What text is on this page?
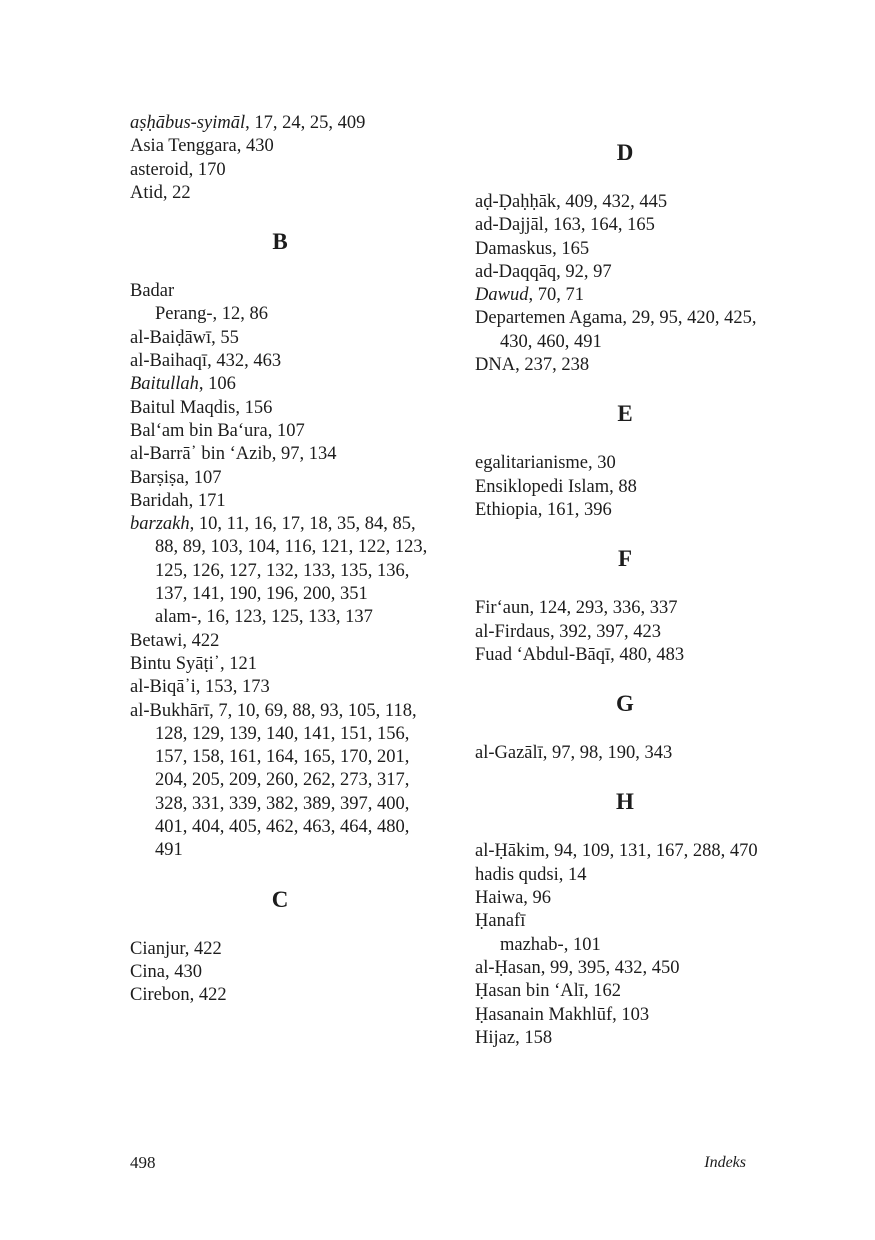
aṣḥābus-syimāl, 17, 24, 25, 409
Asia Tenggara, 430
asteroid, 170
Atid, 22
B
Badar
Perang-, 12, 86
al-Baiḍāwī, 55
al-Baihaqī, 432, 463
Baitullah, 106
Baitul Maqdis, 156
Bal‘am bin Ba‘ura, 107
al-Barrā᾽ bin ‘Azib, 97, 134
Barṣiṣa, 107
Baridah, 171
barzakh, 10, 11, 16, 17, 18, 35, 84, 85, 88, 89, 103, 104, 116, 121, 122, 123, 125, 126, 127, 132, 133, 135, 136, 137, 141, 190, 196, 200, 351
alam-, 16, 123, 125, 133, 137
Betawi, 422
Bintu Syāṭi᾽, 121
al-Biqā᾽i, 153, 173
al-Bukhārī, 7, 10, 69, 88, 93, 105, 118, 128, 129, 139, 140, 141, 151, 156, 157, 158, 161, 164, 165, 170, 201, 204, 205, 209, 260, 262, 273, 317, 328, 331, 339, 382, 389, 397, 400, 401, 404, 405, 462, 463, 464, 480, 491
C
Cianjur, 422
Cina, 430
Cirebon, 422
D
aḍ-Ḍaḥḥāk, 409, 432, 445
ad-Dajjāl, 163, 164, 165
Damaskus, 165
ad-Daqqāq, 92, 97
Dawud, 70, 71
Departemen Agama, 29, 95, 420, 425, 430, 460, 491
DNA, 237, 238
E
egalitarianisme, 30
Ensiklopedi Islam, 88
Ethiopia, 161, 396
F
Fir‘aun, 124, 293, 336, 337
al-Firdaus, 392, 397, 423
Fuad ‘Abdul-Bāqī, 480, 483
G
al-Gazālī, 97, 98, 190, 343
H
al-Ḥākim, 94, 109, 131, 167, 288, 470
hadis qudsi, 14
Haiwa, 96
Ḥanafī
mazhab-, 101
al-Ḥasan, 99, 395, 432, 450
Ḥasan bin ‘Alī, 162
Ḥasanain Makhlūf, 103
Hijaz, 158
498	Indeks
